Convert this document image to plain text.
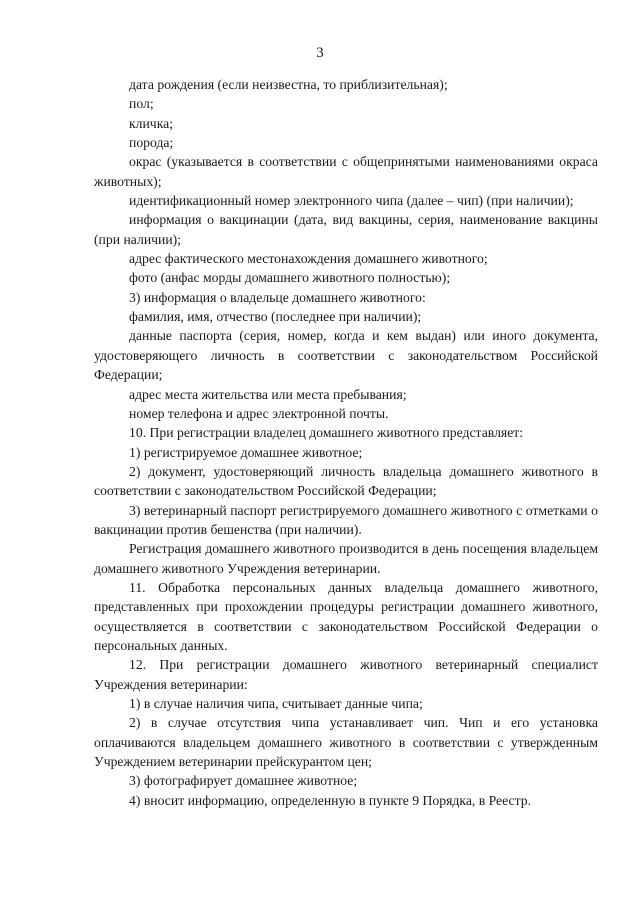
3

дата рождения (если неизвестна, то приблизительная);

пол;

кличка;

порода;

окрас (указывается в соответствии с общепринятыми наименованиями окраса животных);

идентификационный номер электронного чипа (далее – чип) (при наличии);

информация о вакцинации (дата, вид вакцины, серия, наименование вакцины (при наличии);

адрес фактического местонахождения домашнего животного;

фото (анфас морды домашнего животного полностью);

3) информация о владельце домашнего животного:

фамилия, имя, отчество (последнее при наличии);

данные паспорта (серия, номер, когда и кем выдан) или иного документа, удостоверяющего личность в соответствии с законодательством Российской Федерации;

адрес места жительства или места пребывания;

номер телефона и адрес электронной почты.

10. При регистрации владелец домашнего животного представляет:

1) регистрируемое домашнее животное;

2) документ, удостоверяющий личность владельца домашнего животного в соответствии с законодательством Российской Федерации;

3) ветеринарный паспорт регистрируемого домашнего животного с отметками о вакцинации против бешенства (при наличии).

Регистрация домашнего животного производится в день посещения владельцем домашнего животного Учреждения ветеринарии.

11. Обработка персональных данных владельца домашнего животного, представленных при прохождении процедуры регистрации домашнего животного, осуществляется в соответствии с законодательством Российской Федерации о персональных данных.

12. При регистрации домашнего животного ветеринарный специалист Учреждения ветеринарии:

1) в случае наличия чипа, считывает данные чипа;

2) в случае отсутствия чипа устанавливает чип. Чип и его установка оплачиваются владельцем домашнего животного в соответствии с утвержденным Учреждением ветеринарии прейскурантом цен;

3) фотографирует домашнее животное;

4) вносит информацию, определенную в пункте 9 Порядка, в Реестр.
